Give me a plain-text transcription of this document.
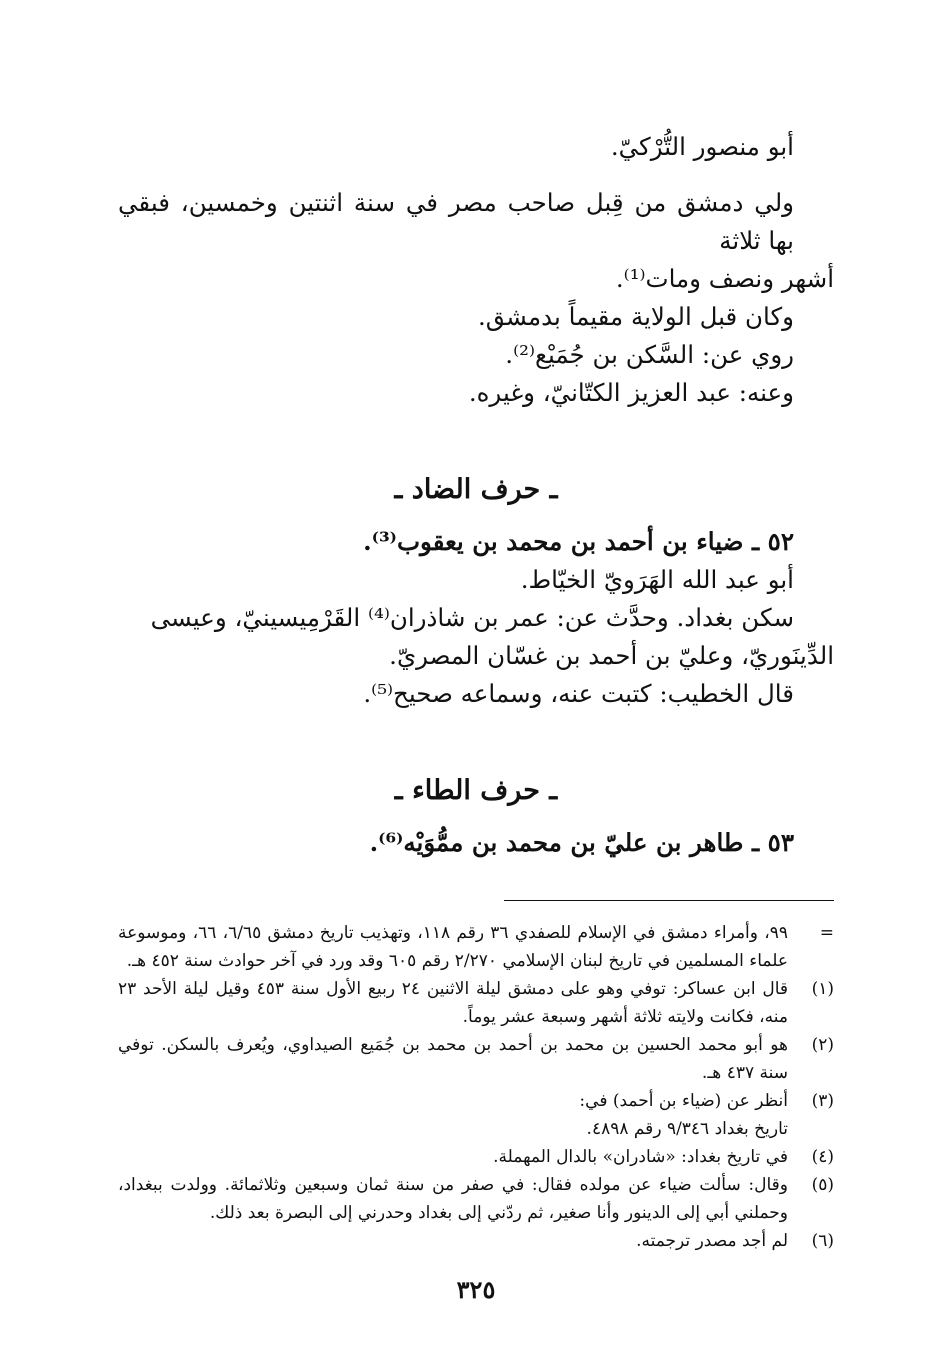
أبو منصور التُّرْكيّ.

ولي دمشق من قِبل صاحب مصر في سنة اثنتين وخمسين، فبقي بها ثلاثة

أشهر ونصف ومات⁽¹⁾.

وكان قبل الولاية مقيماً بدمشق.

روي عن: السَّكن بن جُمَيْع⁽²⁾.

وعنه: عبد العزيز الكتّانيّ، وغيره.

ـ حرف الضاد ـ

٥٢ ـ ضياء بن أحمد بن محمد بن يعقوب⁽³⁾.

أبو عبد الله الهَرَويّ الخيّاط.

سكن بغداد. وحدَّث عن: عمر بن شاذران⁽⁴⁾ القَرْمِيسينيّ، وعيسى

الدِّينَوريّ، وعليّ بن أحمد بن غسّان المصريّ.

قال الخطيب: كتبت عنه، وسماعه صحيح⁽⁵⁾.

ـ حرف الطاء ـ

٥٣ ـ طاهر بن عليّ بن محمد بن ممُّوَيْه⁽⁶⁾.

=
٩٩، وأمراء دمشق في الإسلام للصفدي ٣٦ رقم ١١٨، وتهذيب تاريخ دمشق ٦/٦٥، ٦٦، وموسوعة علماء المسلمين في تاريخ لبنان الإسلامي ٢/٢٧٠ رقم ٦٠٥ وقد ورد في آخر حوادث سنة ٤٥٢ هـ.
(١)
قال ابن عساكر: توفي وهو على دمشق ليلة الاثنين ٢٤ ربيع الأول سنة ٤٥٣ وقيل ليلة الأحد ٢٣ منه، فكانت ولايته ثلاثة أشهر وسبعة عشر يوماً.
(٢)
هو أبو محمد الحسين بن محمد بن أحمد بن محمد بن جُمَيع الصيداوي، ويُعرف بالسكن. توفي سنة ٤٣٧ هـ.
(٣)
أنظر عن (ضياء بن أحمد) في:
تاريخ بغداد ٩/٣٤٦ رقم ٤٨٩٨.
(٤)
في تاريخ بغداد: «شادران» بالدال المهملة.
(٥)
وقال: سألت ضياء عن مولده فقال: في صفر من سنة ثمان وسبعين وثلاثمائة. وولدت ببغداد، وحملني أبي إلى الدينور وأنا صغير، ثم ردّني إلى بغداد وحدرني إلى البصرة بعد ذلك.
(٦)
لم أجد مصدر ترجمته.
٣٢٥
